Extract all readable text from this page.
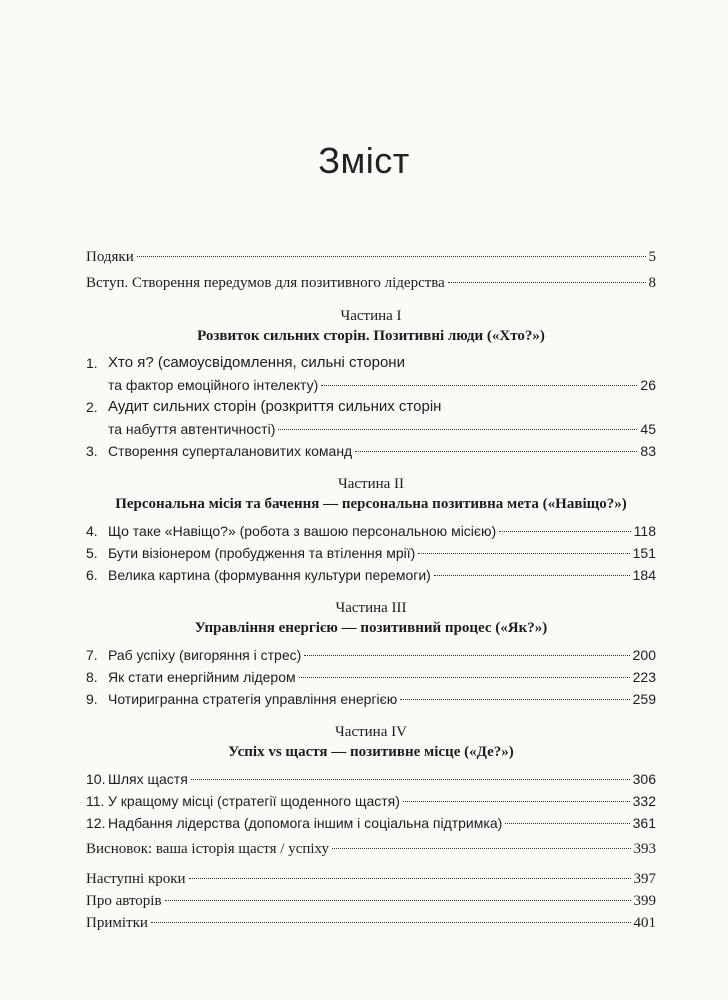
Зміст
Подяки	5
Вступ. Створення передумов для позитивного лідерства	8
Частина I
Розвиток сильних сторін. Позитивні люди («Хто?»)
1. Хто я? (самоусвідомлення, сильні сторони
та фактор емоційного інтелекту)	26
2. Аудит сильних сторін (розкриття сильних сторін
та набуття автентичності)	45
3. Створення суперталановитих команд	83
Частина II
Персональна місія та бачення — персональна позитивна мета («Навіщо?»)
4. Що таке «Навіщо?» (робота з вашою персональною місією)	118
5. Бути візіонером (пробудження та втілення мрії)	151
6. Велика картина (формування культури перемоги)	184
Частина III
Управління енергією — позитивний процес («Як?»)
7. Раб успіху (вигоряння і стрес)	200
8. Як стати енергійним лідером	223
9. Чотиригранна стратегія управління енергією	259
Частина IV
Успіх vs щастя — позитивне місце («Де?»)
10. Шлях щастя	306
11. У кращому місці (стратегії щоденного щастя)	332
12. Надбання лідерства (допомога іншим і соціальна підтримка)	361
Висновок: ваша історія щастя / успіху	393
Наступні кроки	397
Про авторів	399
Примітки	401
